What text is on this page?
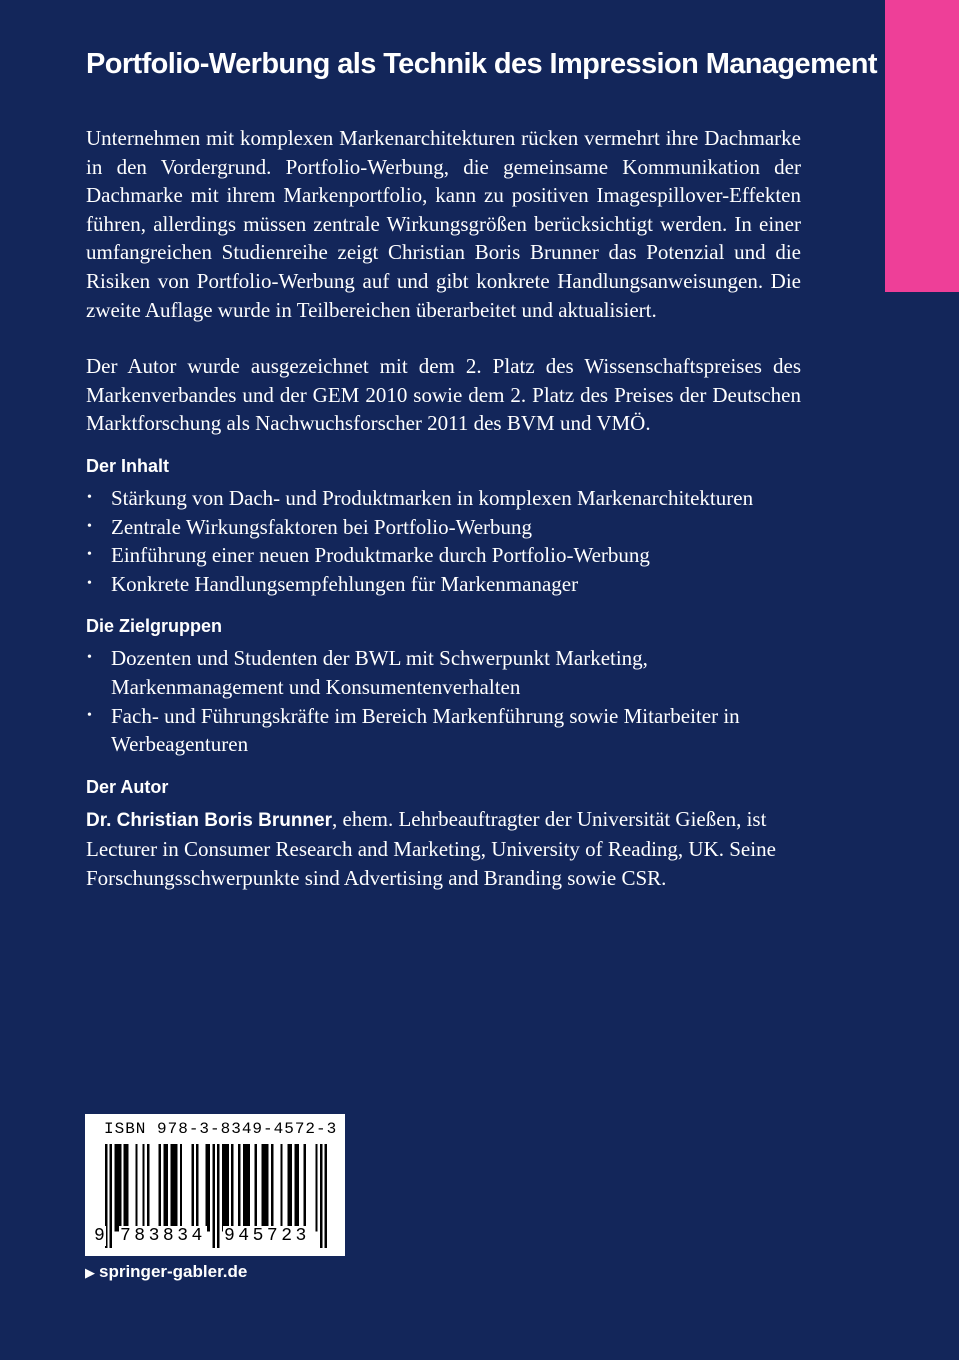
Portfolio-Werbung als Technik des Impression Management

Unternehmen mit komplexen Markenarchitekturen rücken vermehrt ihre Dachmarke in den Vordergrund. Portfolio-Werbung, die gemeinsame Kommunikation der Dachmarke mit ihrem Markenportfolio, kann zu positiven Imagespillover-Effekten führen, allerdings müssen zentrale Wirkungsgrößen berücksichtigt werden. In einer umfangreichen Studienreihe zeigt Christian Boris Brunner das Potenzial und die Risiken von Portfolio-Werbung auf und gibt konkrete Handlungsanweisungen. Die zweite Auflage wurde in Teilbereichen überarbeitet und aktualisiert.

Der Autor wurde ausgezeichnet mit dem 2. Platz des Wissenschaftspreises des Markenverbandes und der GEM 2010 sowie dem 2. Platz des Preises der Deutschen Marktforschung als Nachwuchsforscher 2011 des BVM und VMÖ.

Der Inhalt
• Stärkung von Dach- und Produktmarken in komplexen Markenarchitekturen
• Zentrale Wirkungsfaktoren bei Portfolio-Werbung
• Einführung einer neuen Produktmarke durch Portfolio-Werbung
• Konkrete Handlungsempfehlungen für Markenmanager
Die Zielgruppen
• Dozenten und Studenten der BWL mit Schwerpunkt Marketing, Markenmanagement und Konsumentenverhalten
• Fach- und Führungskräfte im Bereich Markenführung sowie Mitarbeiter in Werbeagenturen
Der Autor

Dr. Christian Boris Brunner, ehem. Lehrbeauftragter der Universität Gießen, ist Lecturer in Consumer Research and Marketing, University of Reading, UK. Seine Forschungsschwerpunkte sind Advertising and Branding sowie CSR.

ISBN 978-3-8349-4572-3
9 783834 945723
▶ springer-gabler.de
